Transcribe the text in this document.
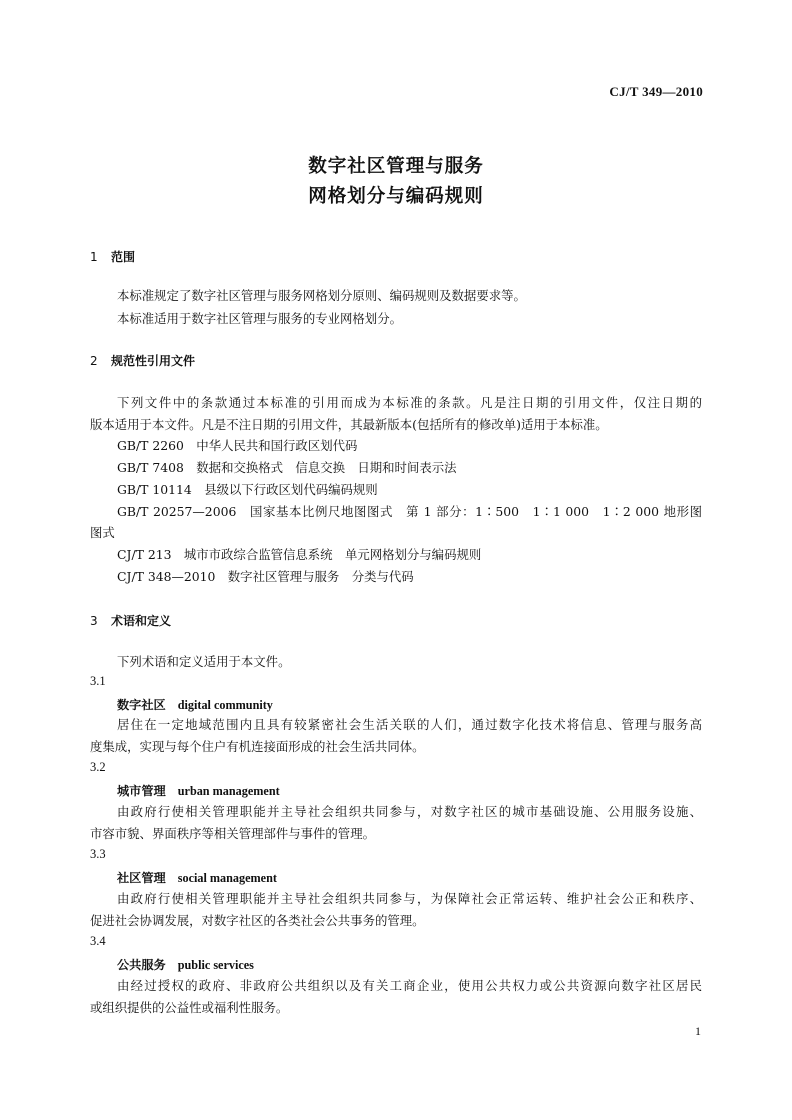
CJ/T 349—2010
数字社区管理与服务
网格划分与编码规则
1 范围
本标准规定了数字社区管理与服务网格划分原则、编码规则及数据要求等。
本标准适用于数字社区管理与服务的专业网格划分。
2 规范性引用文件
下列文件中的条款通过本标准的引用而成为本标准的条款。凡是注日期的引用文件，仅注日期的
版本适用于本文件。凡是不注日期的引用文件，其最新版本(包括所有的修改单)适用于本标准。
GB/T 2260　中华人民共和国行政区划代码
GB/T 7408　数据和交换格式　信息交换　日期和时间表示法
GB/T 10114　县级以下行政区划代码编码规则
GB/T 20257—2006　国家基本比例尺地图图式　第 1 部分：1∶500　1∶1 000　1∶2 000 地形图
图式
CJ/T 213　城市市政综合监管信息系统　单元网格划分与编码规则
CJ/T 348—2010　数字社区管理与服务　分类与代码
3 术语和定义
下列术语和定义适用于本文件。
3.1
数字社区 digital community
居住在一定地域范围内且具有较紧密社会生活关联的人们，通过数字化技术将信息、管理与服务高
度集成，实现与每个住户有机连接面形成的社会生活共同体。
3.2
城市管理 urban management
由政府行使相关管理职能并主导社会组织共同参与，对数字社区的城市基础设施、公用服务设施、
市容市貌、界面秩序等相关管理部件与事件的管理。
3.3
社区管理 social management
由政府行使相关管理职能并主导社会组织共同参与，为保障社会正常运转、维护社会公正和秩序、
促进社会协调发展，对数字社区的各类社会公共事务的管理。
3.4
公共服务 public services
由经过授权的政府、非政府公共组织以及有关工商企业，使用公共权力或公共资源向数字社区居民
或组织提供的公益性或福利性服务。
1
